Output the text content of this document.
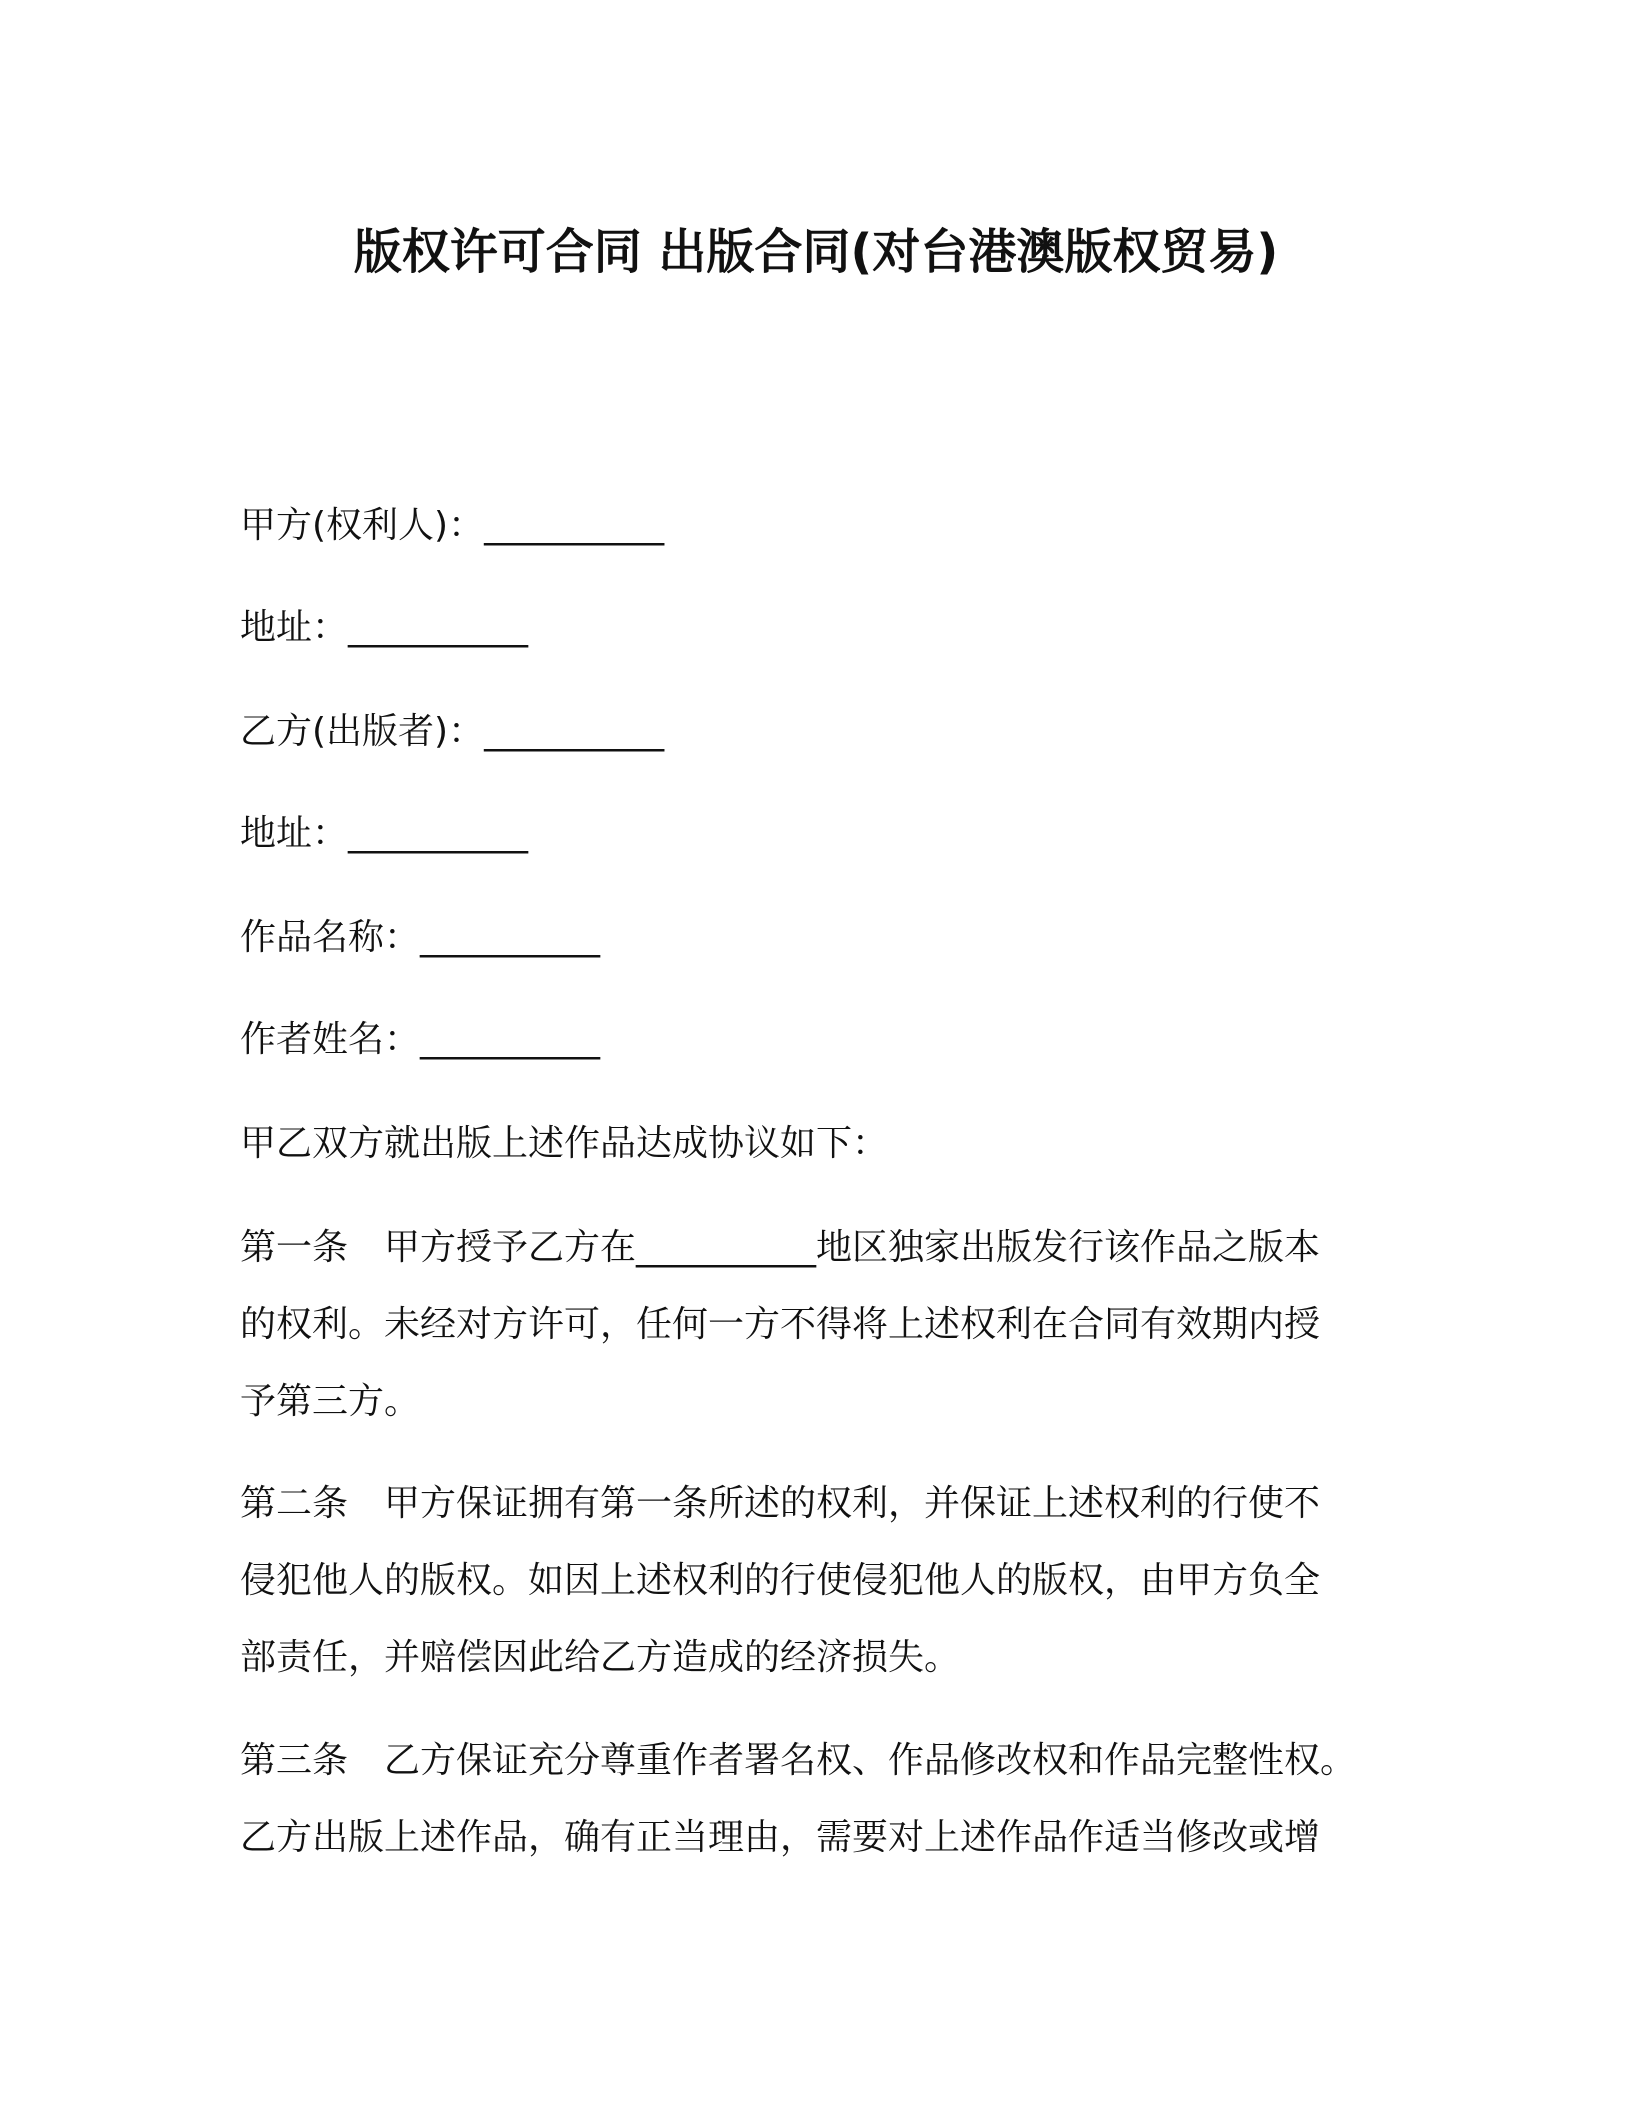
版权许可合同 出版合同(对台港澳版权贸易)
甲方(权利人)：__________
地址：__________
乙方(出版者)：__________
地址：__________
作品名称：__________
作者姓名：__________
甲乙双方就出版上述作品达成协议如下：
第一条 甲方授予乙方在__________地区独家出版发行该作品之版本
的权利。未经对方许可，任何一方不得将上述权利在合同有效期内授
予第三方。
第二条 甲方保证拥有第一条所述的权利，并保证上述权利的行使不
侵犯他人的版权。如因上述权利的行使侵犯他人的版权，由甲方负全
部责任，并赔偿因此给乙方造成的经济损失。
第三条 乙方保证充分尊重作者署名权、作品修改权和作品完整性权。
乙方出版上述作品，确有正当理由，需要对上述作品作适当修改或增
